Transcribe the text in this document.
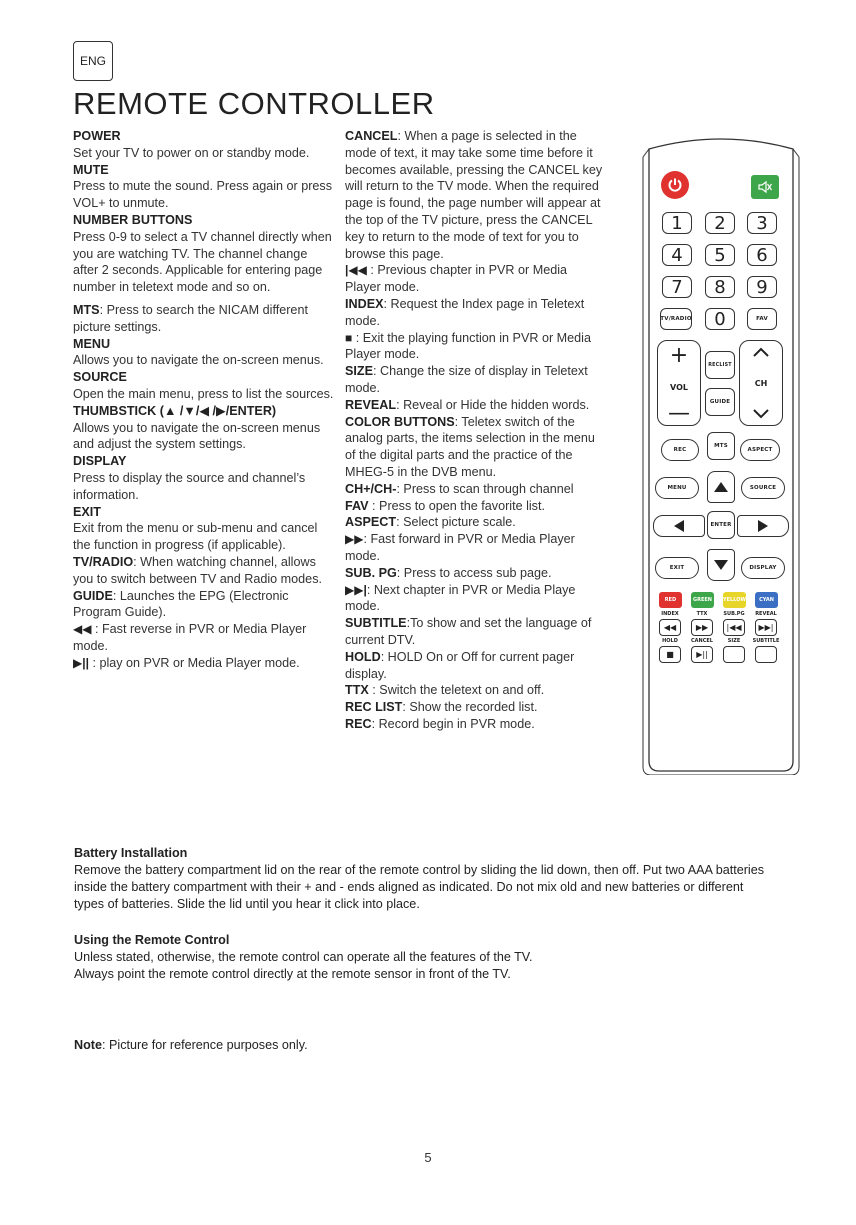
ENG
REMOTE CONTROLLER

POWER
Set your TV to power on or standby mode.

MUTE
Press to mute the sound. Press again or press VOL+ to unmute.

NUMBER BUTTONS
Press 0-9 to select a TV channel directly when you are watching TV. The channel change after 2 seconds. Applicable for entering page number in teletext mode and so on.

MTS: Press to search the NICAM different picture settings.

MENU
Allows you to navigate the on-screen menus.

SOURCE
Open the main menu, press to list the sources.

THUMBSTICK (▲ /▼/◀ /▶/ENTER)
Allows you to navigate the on-screen menus and adjust the system settings.

DISPLAY
Press to display the source and channel’s information.

EXIT
Exit from the menu or sub-menu and cancel the function in progress (if applicable).

TV/RADIO: When watching channel, allows you to switch between TV and Radio modes.

GUIDE: Launches the EPG (Electronic Program Guide).

◀◀ : Fast reverse in PVR or Media Player mode.

▶|| : play on PVR or Media Player mode.

CANCEL: When a page is selected in the mode of text, it may take some time before it becomes available, pressing the CANCEL key will return to the TV mode. When the required page is found, the page number will appear at the top of the TV picture, press the CANCEL key to return to the mode of text for you to browse this page.

|◀◀ : Previous chapter in PVR or Media Player mode.

INDEX: Request the Index page in Teletext mode.

■ : Exit the playing function in PVR or Media Player mode.

SIZE: Change the size of display in Teletext mode.

REVEAL: Reveal or Hide the hidden words.

COLOR BUTTONS: Teletex switch of the analog parts, the items selection in the menu of the digital parts and the practice of the MHEG-5 in the DVB menu.

CH+/CH-: Press to scan through channel

FAV : Press to open the favorite list.

ASPECT: Select picture scale.

▶▶: Fast forward in PVR or Media Player mode.

SUB. PG: Press to access sub page.

▶▶|: Next chapter in PVR or Media Playe mode.

SUBTITLE:To show and set the language of current DTV.

HOLD: HOLD On or Off for current pager display.

TTX : Switch the teletext on and off.

REC LIST: Show the recorded list.

REC: Record begin in PVR mode.

1	2	3
4	5	6
7	8	9
TV/RADIO	0	FAV
+
VOL
—
RECLIST
GUIDE
CH
REC
MTS
ASPECT
MENU	SOURCE
ENTER
EXIT	DISPLAY
RED	GREEN	YELLOW	CYAN
INDEX	TTX	SUB.PG	REVEAL
◀◀ ▶▶ |◀◀ ▶▶|
HOLD	CANCEL	SIZE	SUBTITLE
■	▶||
Battery Installation
Remove the battery compartment lid on the rear of the remote control by sliding the lid down, then off. Put two AAA batteries inside the battery compartment with their + and - ends aligned as indicated. Do not mix old and new batteries or different types of batteries. Slide the lid until you hear it click into place.
Using the Remote Control
Unless stated, otherwise, the remote control can operate all the features of the TV.
Always point the remote control directly at the remote sensor in front of the TV.
Note: Picture for reference purposes only.
5
